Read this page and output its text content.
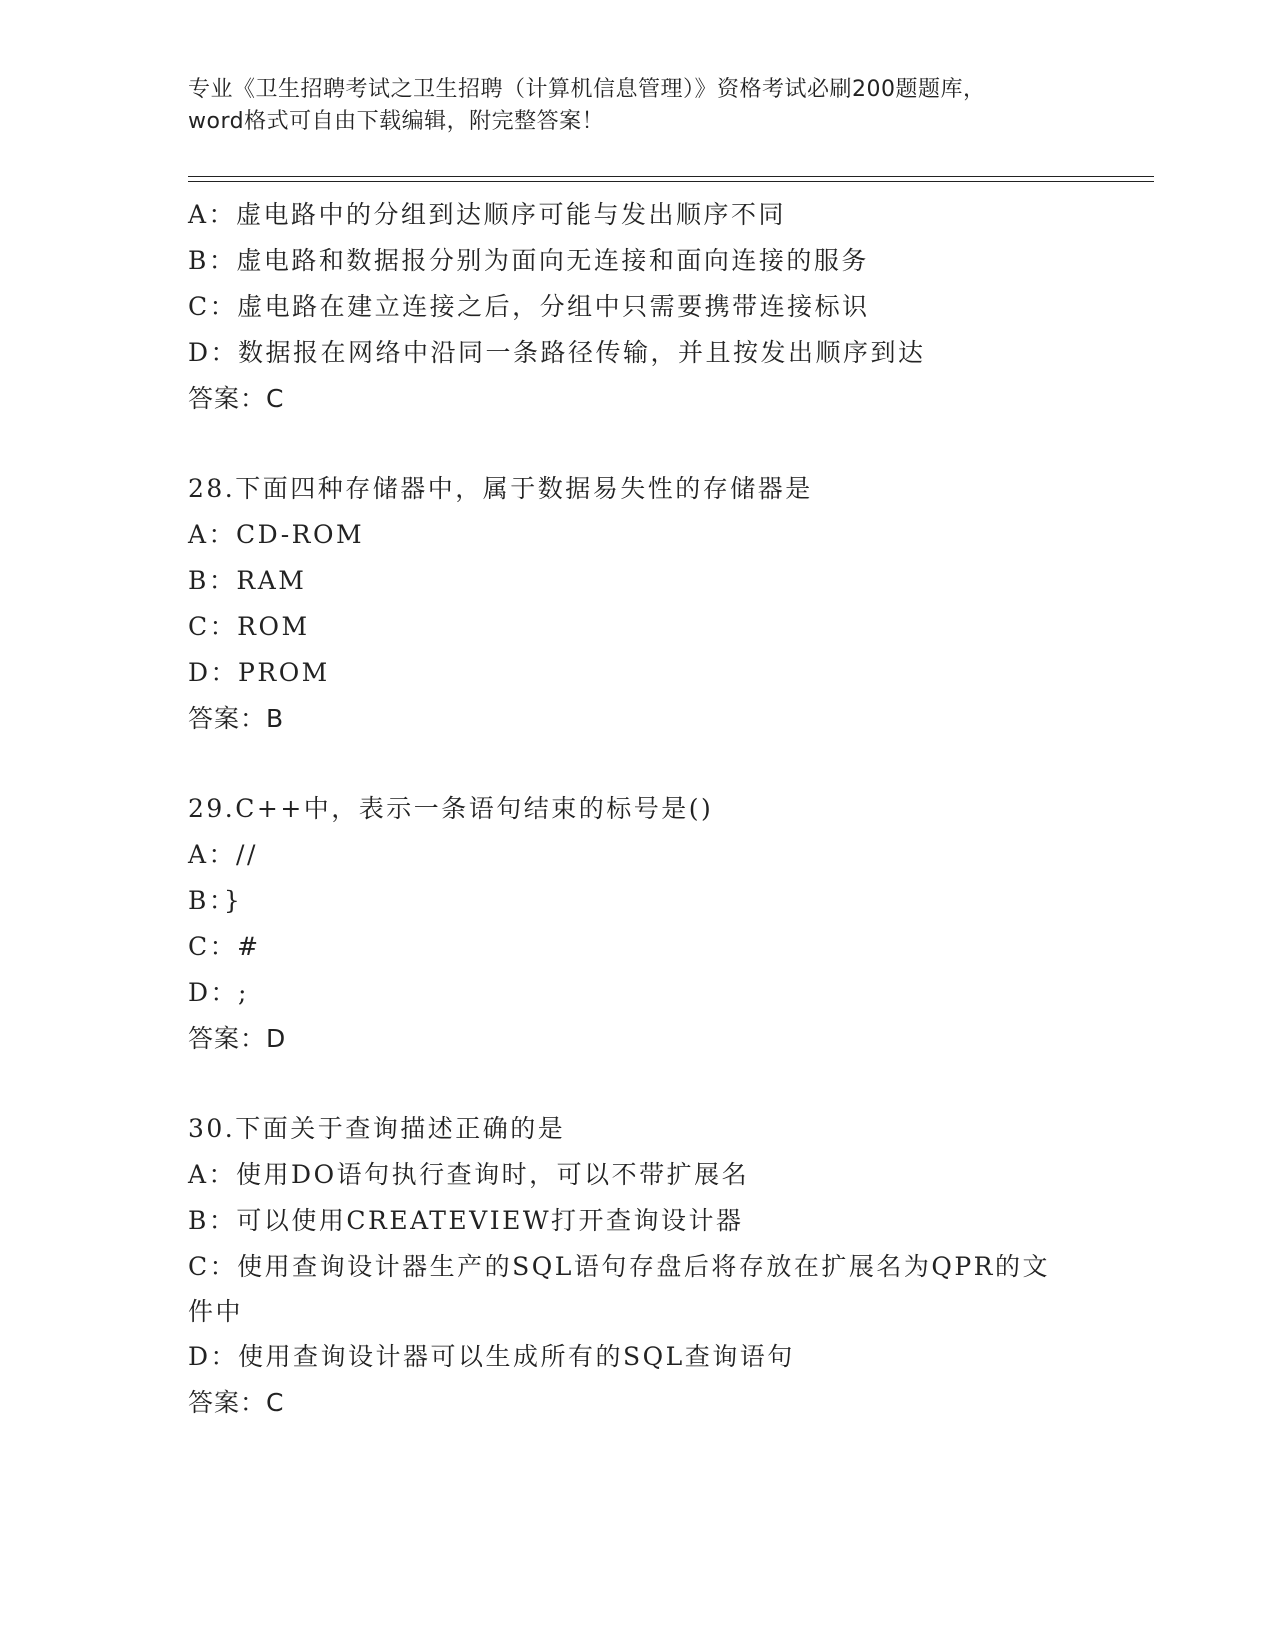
专业《卫生招聘考试之卫生招聘（计算机信息管理）》资格考试必刷200题题库，
word格式可自由下载编辑，附完整答案！
A：虚电路中的分组到达顺序可能与发出顺序不同
B：虚电路和数据报分别为面向无连接和面向连接的服务
C：虚电路在建立连接之后，分组中只需要携带连接标识
D：数据报在网络中沿同一条路径传输，并且按发出顺序到达
答案：C
28.下面四种存储器中，属于数据易失性的存储器是
A：CD-ROM
B：RAM
C：ROM
D：PROM
答案：B
29.C++中，表示一条语句结束的标号是()
A：//
B：}
C：#
D：;
答案：D
30.下面关于查询描述正确的是
A：使用DO语句执行查询时，可以不带扩展名
B：可以使用CREATEVIEW打开查询设计器
C：使用查询设计器生产的SQL语句存盘后将存放在扩展名为QPR的文
件中
D：使用查询设计器可以生成所有的SQL查询语句
答案：C
